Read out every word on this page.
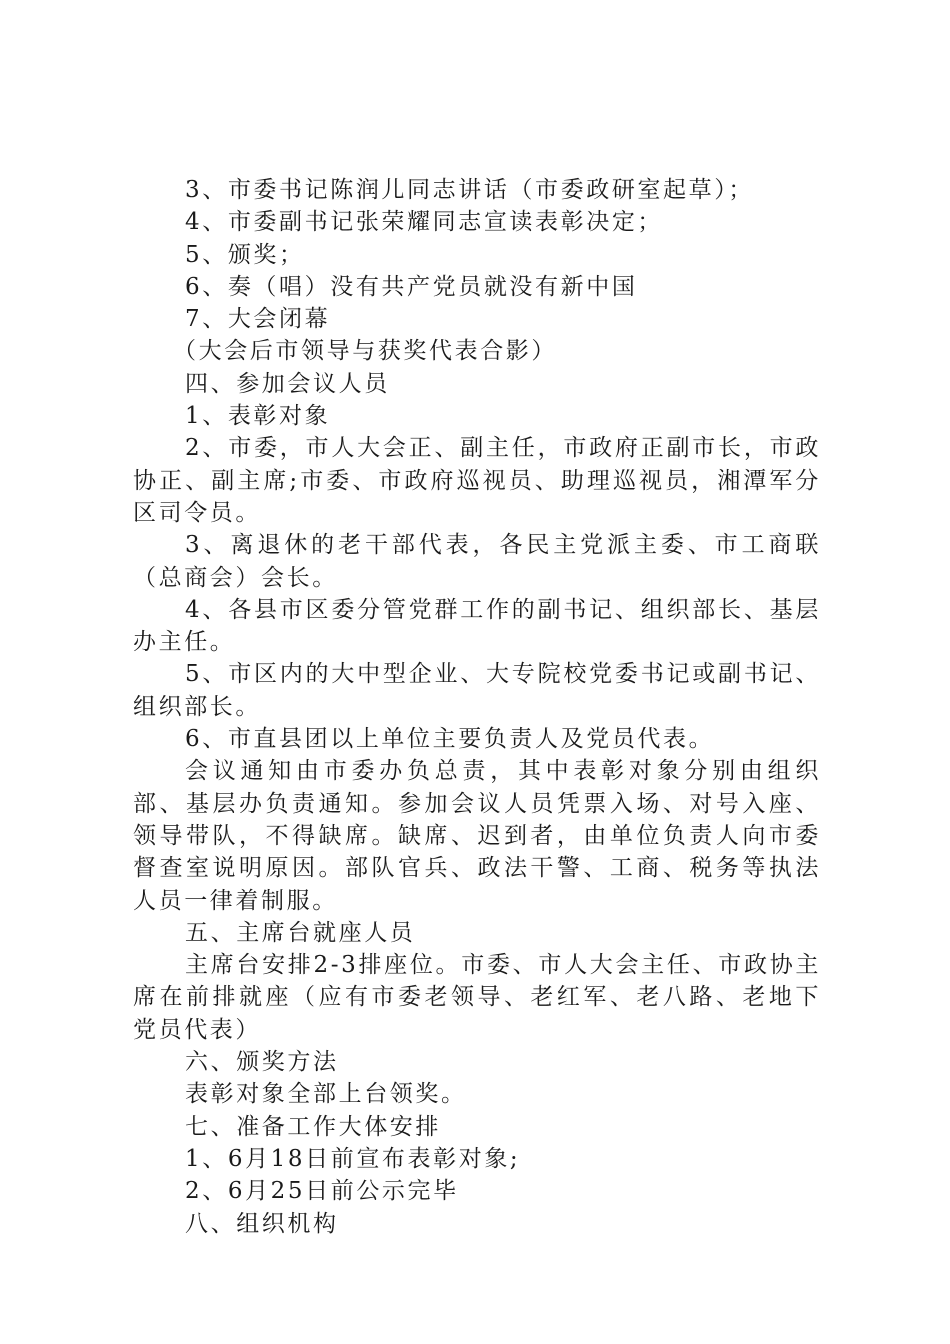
3、市委书记陈润儿同志讲话（市委政研室起草）；

4、市委副书记张荣耀同志宣读表彰决定；

5、颁奖；

6、奏（唱）没有共产党员就没有新中国

7、大会闭幕

（大会后市领导与获奖代表合影）

四、参加会议人员

1、表彰对象

2、市委，市人大会正、副主任，市政府正副市长，市政协正、副主席;市委、市政府巡视员、助理巡视员，湘潭军分区司令员。

3、离退休的老干部代表，各民主党派主委、市工商联（总商会）会长。

4、各县市区委分管党群工作的副书记、组织部长、基层办主任。

5、市区内的大中型企业、大专院校党委书记或副书记、组织部长。

6、市直县团以上单位主要负责人及党员代表。

会议通知由市委办负总责，其中表彰对象分别由组织部、基层办负责通知。参加会议人员凭票入场、对号入座、领导带队，不得缺席。缺席、迟到者，由单位负责人向市委督查室说明原因。部队官兵、政法干警、工商、税务等执法人员一律着制服。

五、主席台就座人员

主席台安排2-3排座位。市委、市人大会主任、市政协主席在前排就座（应有市委老领导、老红军、老八路、老地下党员代表）

六、颁奖方法

表彰对象全部上台领奖。

七、准备工作大体安排

1、6月18日前宣布表彰对象;

2、6月25日前公示完毕

八、组织机构
